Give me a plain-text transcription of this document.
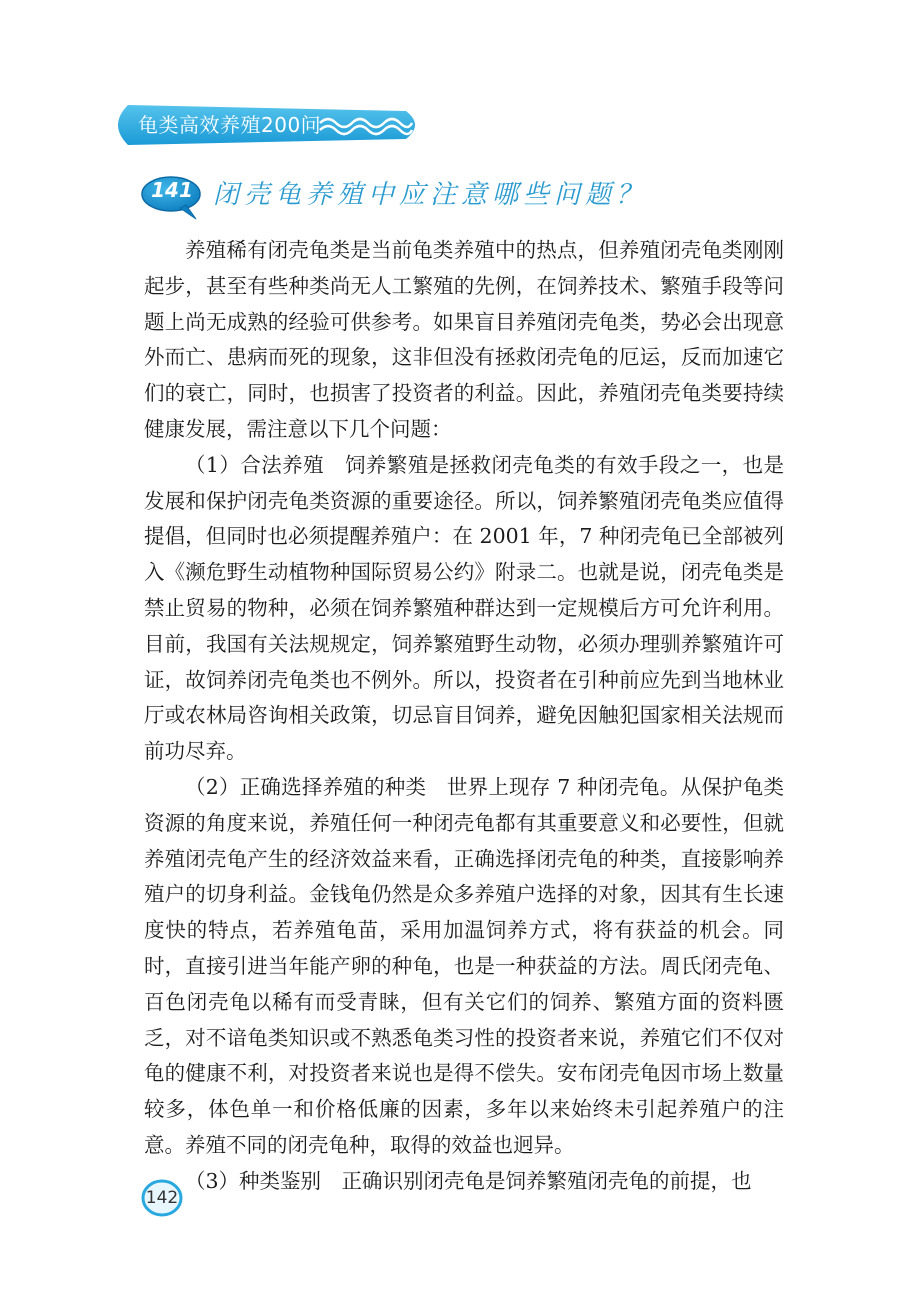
龟类高效养殖200问
141 闭壳龟养殖中应注意哪些问题？

养殖稀有闭壳龟类是当前龟类养殖中的热点，但养殖闭壳龟类刚刚起步，甚至有些种类尚无人工繁殖的先例，在饲养技术、繁殖手段等问题上尚无成熟的经验可供参考。如果盲目养殖闭壳龟类，势必会出现意外而亡、患病而死的现象，这非但没有拯救闭壳龟的厄运，反而加速它们的衰亡，同时，也损害了投资者的利益。因此，养殖闭壳龟类要持续健康发展，需注意以下几个问题：

（1）合法养殖　饲养繁殖是拯救闭壳龟类的有效手段之一，也是发展和保护闭壳龟类资源的重要途径。所以，饲养繁殖闭壳龟类应值得提倡，但同时也必须提醒养殖户：在 2001 年，7 种闭壳龟已全部被列入《濒危野生动植物种国际贸易公约》附录二。也就是说，闭壳龟类是禁止贸易的物种，必须在饲养繁殖种群达到一定规模后方可允许利用。目前，我国有关法规规定，饲养繁殖野生动物，必须办理驯养繁殖许可证，故饲养闭壳龟类也不例外。所以，投资者在引种前应先到当地林业厅或农林局咨询相关政策，切忌盲目饲养，避免因触犯国家相关法规而前功尽弃。

（2）正确选择养殖的种类　世界上现存 7 种闭壳龟。从保护龟类资源的角度来说，养殖任何一种闭壳龟都有其重要意义和必要性，但就养殖闭壳龟产生的经济效益来看，正确选择闭壳龟的种类，直接影响养殖户的切身利益。金钱龟仍然是众多养殖户选择的对象，因其有生长速度快的特点，若养殖龟苗，采用加温饲养方式，将有获益的机会。同时，直接引进当年能产卵的种龟，也是一种获益的方法。周氏闭壳龟、百色闭壳龟以稀有而受青睐，但有关它们的饲养、繁殖方面的资料匮乏，对不谙龟类知识或不熟悉龟类习性的投资者来说，养殖它们不仅对龟的健康不利，对投资者来说也是得不偿失。安布闭壳龟因市场上数量较多，体色单一和价格低廉的因素，多年以来始终未引起养殖户的注意。养殖不同的闭壳龟种，取得的效益也迥异。

（3）种类鉴别　正确识别闭壳龟是饲养繁殖闭壳龟的前提，也

142
